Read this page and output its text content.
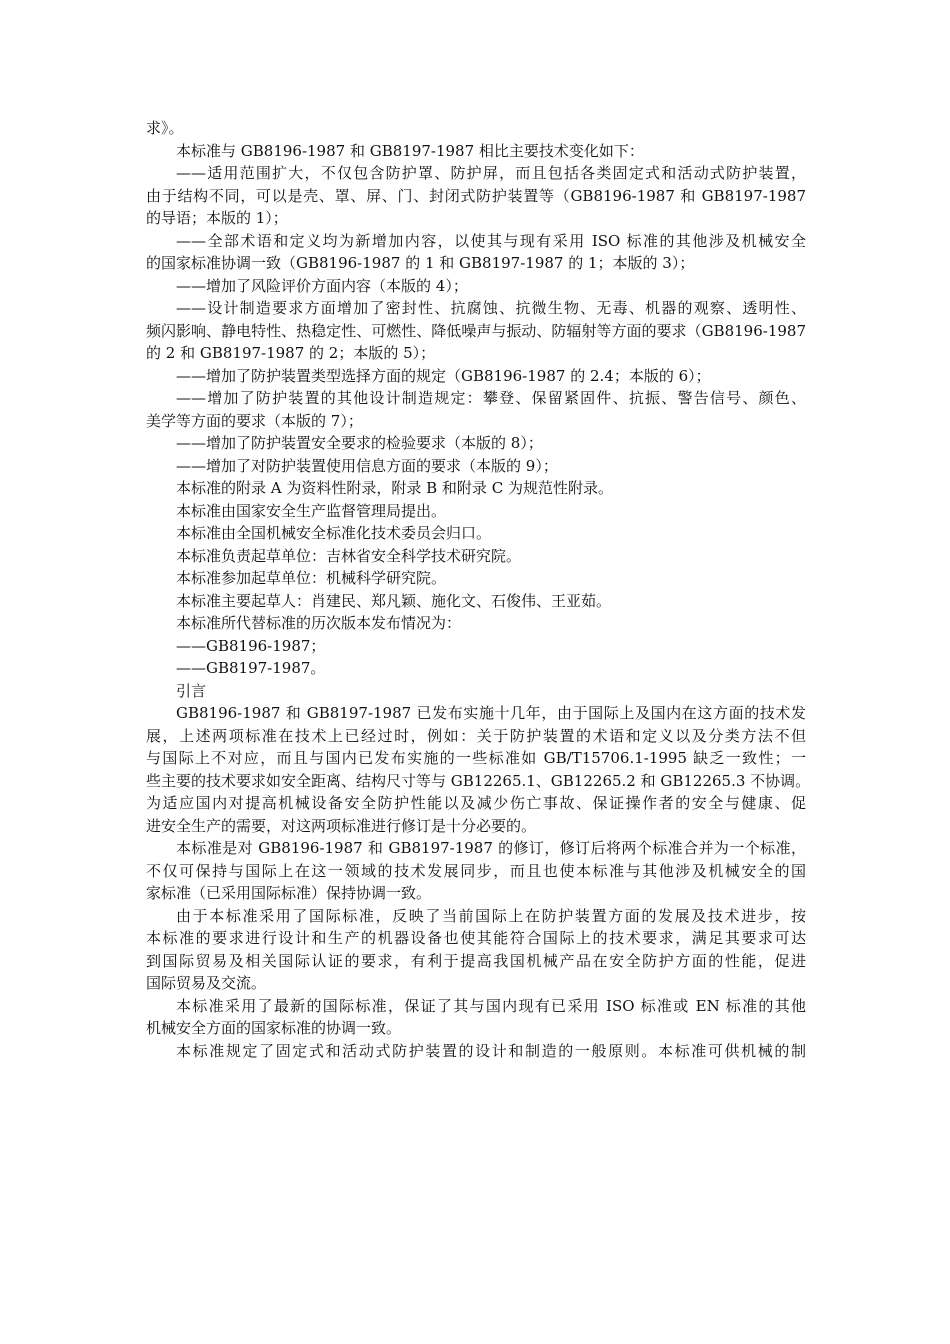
求》。
本标准与 GB8196-1987 和 GB8197-1987 相比主要技术变化如下：
——适用范围扩大，不仅包含防护罩、防护屏，而且包括各类固定式和活动式防护装置，
由于结构不同，可以是壳、罩、屏、门、封闭式防护装置等（GB8196-1987 和 GB8197-1987
的导语；本版的 1）；
——全部术语和定义均为新增加内容，以使其与现有采用 ISO 标准的其他涉及机械安全
的国家标准协调一致（GB8196-1987 的 1 和 GB8197-1987 的 1；本版的 3）；
——增加了风险评价方面内容（本版的 4）；
——设计制造要求方面增加了密封性、抗腐蚀、抗微生物、无毒、机器的观察、透明性、
频闪影响、静电特性、热稳定性、可燃性、降低噪声与振动、防辐射等方面的要求（GB8196-1987
的 2 和 GB8197-1987 的 2；本版的 5）；
——增加了防护装置类型选择方面的规定（GB8196-1987 的 2.4；本版的 6）；
——增加了防护装置的其他设计制造规定：攀登、保留紧固件、抗振、警告信号、颜色、
美学等方面的要求（本版的 7）；
——增加了防护装置安全要求的检验要求（本版的 8）；
——增加了对防护装置使用信息方面的要求（本版的 9）；
本标准的附录 A 为资料性附录，附录 B 和附录 C 为规范性附录。
本标准由国家安全生产监督管理局提出。
本标准由全国机械安全标准化技术委员会归口。
本标准负责起草单位：吉林省安全科学技术研究院。
本标准参加起草单位：机械科学研究院。
本标准主要起草人：肖建民、郑凡颖、施化文、石俊伟、王亚茹。
本标准所代替标准的历次版本发布情况为：
——GB8196-1987；
——GB8197-1987。
引言
GB8196-1987 和 GB8197-1987 已发布实施十几年，由于国际上及国内在这方面的技术发
展，上述两项标准在技术上已经过时，例如：关于防护装置的术语和定义以及分类方法不但
与国际上不对应，而且与国内已发布实施的一些标准如 GB/T15706.1-1995 缺乏一致性；一
些主要的技术要求如安全距离、结构尺寸等与 GB12265.1、GB12265.2 和 GB12265.3 不协调。
为适应国内对提高机械设备安全防护性能以及减少伤亡事故、保证操作者的安全与健康、促
进安全生产的需要，对这两项标准进行修订是十分必要的。
本标准是对 GB8196-1987 和 GB8197-1987 的修订，修订后将两个标准合并为一个标准，
不仅可保持与国际上在这一领域的技术发展同步，而且也使本标准与其他涉及机械安全的国
家标准（已采用国际标准）保持协调一致。
由于本标准采用了国际标准，反映了当前国际上在防护装置方面的发展及技术进步，按
本标准的要求进行设计和生产的机器设备也使其能符合国际上的技术要求，满足其要求可达
到国际贸易及相关国际认证的要求，有利于提高我国机械产品在安全防护方面的性能，促进
国际贸易及交流。
本标准采用了最新的国际标准，保证了其与国内现有已采用 ISO 标准或 EN 标准的其他
机械安全方面的国家标准的协调一致。
本标准规定了固定式和活动式防护装置的设计和制造的一般原则。本标准可供机械的制
